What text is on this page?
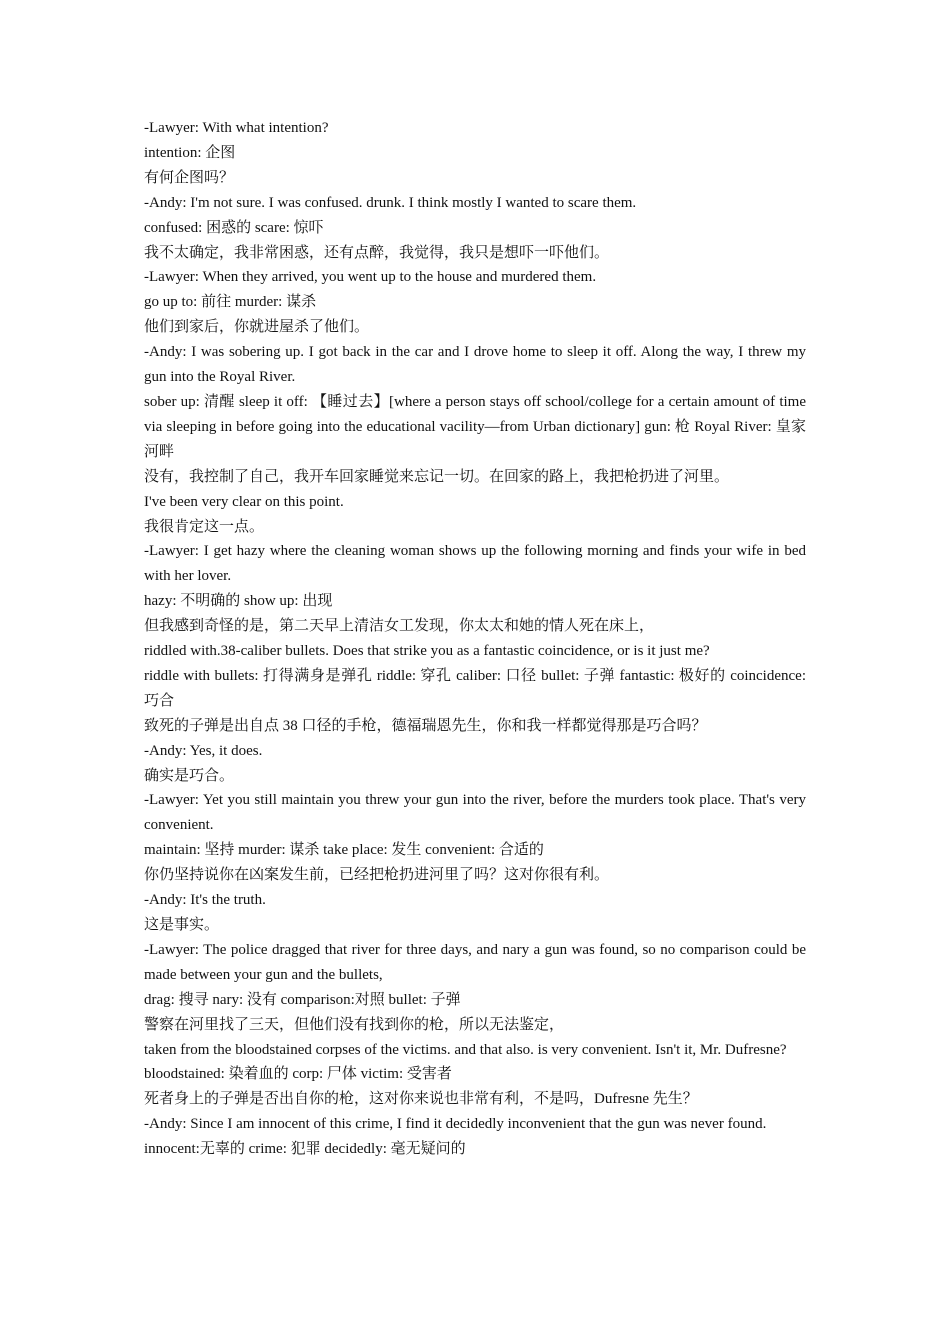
-Lawyer: With what intention?

intention: 企图

有何企图吗？

-Andy: I'm not sure. I was confused. drunk. I think mostly I wanted to scare them.

confused: 困惑的 scare: 惊吓

我不太确定，我非常困惑，还有点醉，我觉得，我只是想吓一吓他们。

-Lawyer: When they arrived, you went up to the house and murdered them.

go up to: 前往 murder: 谋杀

他们到家后，你就进屋杀了他们。

-Andy: I was sobering up. I got back in the car and I drove home to sleep it off. Along the way, I threw my gun into the Royal River.

sober up: 清醒 sleep it off: 【睡过去】[where a person stays off school/college for a certain amount of time via sleeping in before going into the educational vacility—from Urban dictionary] gun: 枪 Royal River: 皇家河畔

没有，我控制了自己，我开车回家睡觉来忘记一切。在回家的路上，我把枪扔进了河里。

I've been very clear on this point.

我很肯定这一点。

-Lawyer: I get hazy where the cleaning woman shows up the following morning and finds your wife in bed with her lover.

hazy: 不明确的 show up: 出现

但我感到奇怪的是，第二天早上清洁女工发现，你太太和她的情人死在床上，

riddled with.38-caliber bullets. Does that strike you as a fantastic coincidence, or is it just me?

riddle with bullets: 打得满身是弹孔 riddle: 穿孔 caliber: 口径 bullet: 子弹 fantastic: 极好的 coincidence: 巧合

致死的子弹是出自点 38 口径的手枪，德福瑞恩先生，你和我一样都觉得那是巧合吗？

-Andy: Yes, it does.

确实是巧合。

-Lawyer: Yet you still maintain you threw your gun into the river, before the murders took place. That's very convenient.

maintain: 坚持 murder: 谋杀 take place: 发生 convenient: 合适的

你仍坚持说你在凶案发生前，已经把枪扔进河里了吗？这对你很有利。

-Andy: It's the truth.

这是事实。

-Lawyer: The police dragged that river for three days, and nary a gun was found, so no comparison could be made between your gun and the bullets,

drag: 搜寻 nary: 没有 comparison:对照 bullet: 子弹

警察在河里找了三天，但他们没有找到你的枪，所以无法鉴定，

taken from the bloodstained corpses of the victims. and that also. is very convenient. Isn't it, Mr. Dufresne?

bloodstained: 染着血的 corp: 尸体 victim: 受害者

死者身上的子弹是否出自你的枪，这对你来说也非常有利，不是吗，Dufresne 先生？

-Andy: Since I am innocent of this crime, I find it decidedly inconvenient that the gun was never found.

innocent:无辜的 crime: 犯罪 decidedly: 毫无疑问的
